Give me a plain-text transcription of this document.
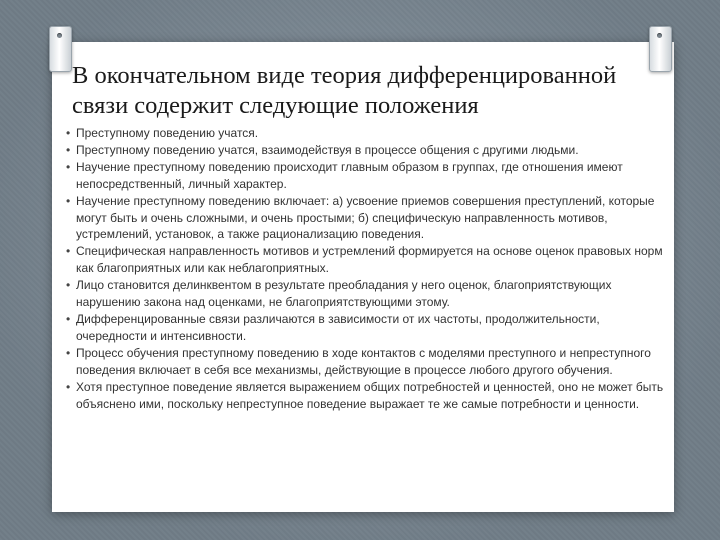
В окончательном виде теория дифференцированной связи содержит следующие положения
• Преступному поведению учатся.
• Преступному поведению учатся, взаимодействуя в процессе общения с другими людьми.
• Научение преступному поведению происходит главным образом в группах, где отношения имеют непосредственный, личный характер.
• Научение преступному поведению включает: а) усвоение приемов совершения преступлений, которые могут быть и очень сложными, и очень простыми; б) специфическую направленность мотивов, устремлений, установок, а также рационализацию поведения.
• Специфическая направленность мотивов и устремлений формируется на основе оценок правовых норм как благоприятных или как неблагоприятных.
• Лицо становится делинквентом в результате преобладания у него оценок, благоприятствующих нарушению закона над оценками, не благоприятствующими этому.
• Дифференцированные связи различаются в зависимости от их частоты, продолжительности, очередности и интенсивности.
• Процесс обучения преступному поведению в ходе контактов с моделями преступного и непреступного поведения включает в себя все механизмы, действующие в процессе любого другого обучения.
• Хотя преступное поведение является выражением общих потребностей и ценностей, оно не может быть объяснено ими, поскольку непреступное поведение выражает те же самые потребности и ценности.
